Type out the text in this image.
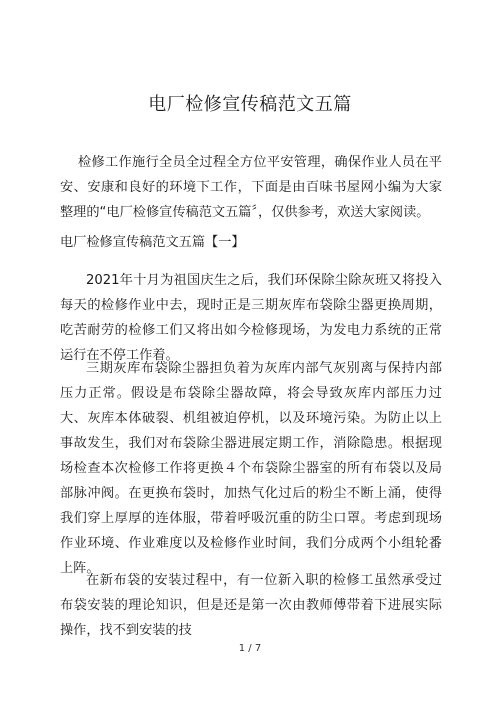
电厂检修宣传稿范文五篇

检修工作施行全员全过程全方位平安管理，确保作业人员在平安、安康和良好的环境下工作，下面是由百味书屋网小编为大家整理的“电厂检修宣传稿范文五篇〞，仅供参考，欢送大家阅读。

电厂检修宣传稿范文五篇【一】

2021年十月为祖国庆生之后，我们环保除尘除灰班又将投入每天的检修作业中去，现时正是三期灰库布袋除尘器更换周期，吃苦耐劳的检修工们又将出如今检修现场，为发电力系统的正常运行在不停工作着。

三期灰库布袋除尘器担负着为灰库内部气灰别离与保持内部压力正常。假设是布袋除尘器故障，将会导致灰库内部压力过大、灰库本体破裂、机组被迫停机，以及环境污染。为防止以上事故发生，我们对布袋除尘器进展定期工作，消除隐患。根据现场检查本次检修工作将更换４个布袋除尘器室的所有布袋以及局部脉冲阀。在更换布袋时，加热气化过后的粉尘不断上涌，使得我们穿上厚厚的连体服，带着呼吸沉重的防尘口罩。考虑到现场作业环境、作业难度以及检修作业时间，我们分成两个小组轮番上阵。

在新布袋的安装过程中，有一位新入职的检修工虽然承受过布袋安装的理论知识，但是还是第一次由教师傅带着下进展实际操作，找不到安装的技

1 / 7
